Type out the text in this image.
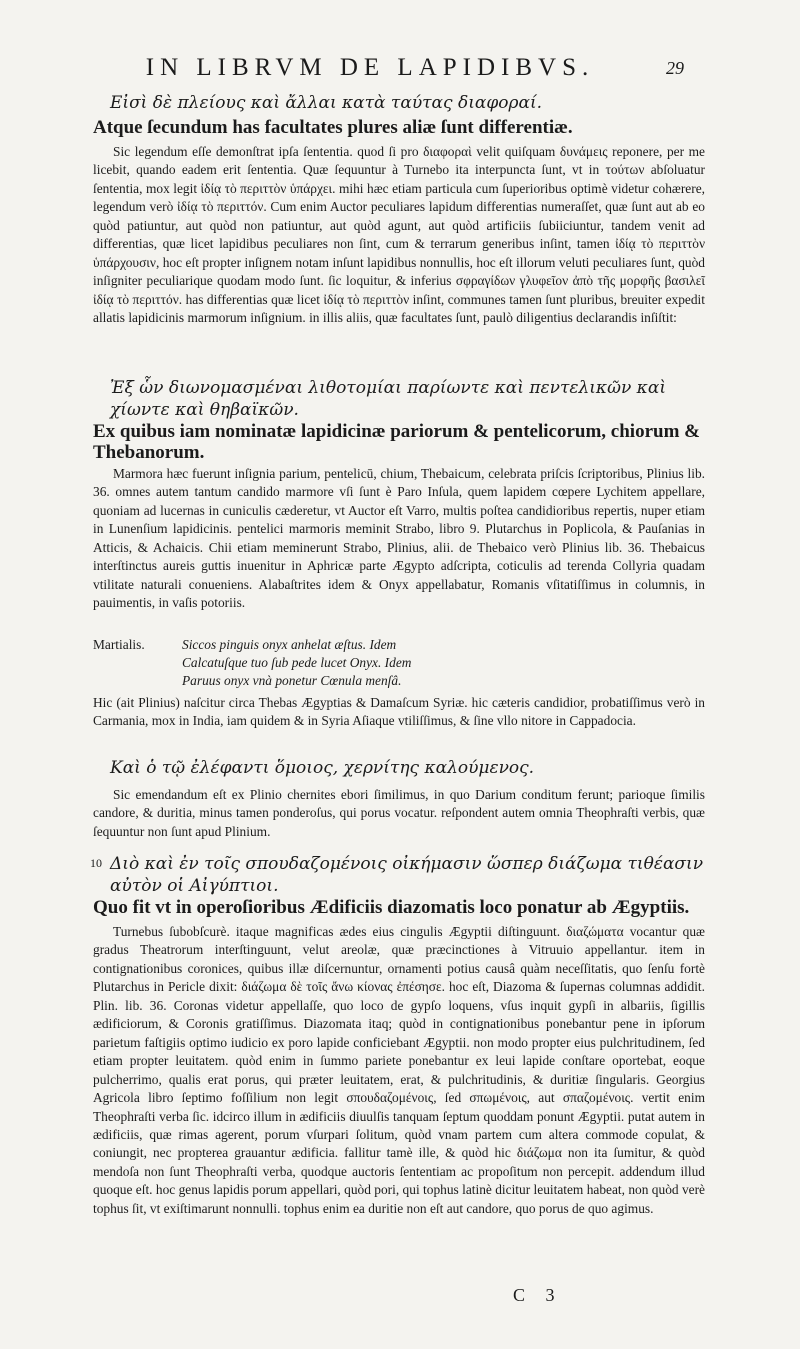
IN LIBRVM DE LAPIDIBVS.	29
Εἰσὶ δὲ πλείους καὶ ἄλλαι κατὰ ταύτας διαφοραί.
Atque ſecundum has facultates plures aliæ ſunt differentiæ.

Sic legendum eſſe demonſtrat ipſa ſententia. quod ſi pro διαφοραὶ velit quiſquam δυνάμεις reponere, per me licebit, quando eadem erit ſententia. Quæ ſequuntur à Turnebo ita interpuncta ſunt, vt in τούτων abſoluatur ſententia, mox legit ἰδίᾳ τὸ περιττὸν ὑπάρχει. mihi hæc etiam particula cum ſuperioribus optimè videtur cohærere, legendum verò ἰδίᾳ τὸ περιττόν. Cum enim Auctor peculiares lapidum differentias numeraſſet, quæ ſunt aut ab eo quòd patiuntur, aut quòd non patiuntur, aut quòd agunt, aut quòd artificiis ſubiiciuntur, tandem venit ad differentias, quæ licet lapidibus peculiares non ſint, cum & terrarum generibus inſint, tamen ἰδίᾳ τὸ περιττὸν ὑπάρχουσιν, hoc eſt propter inſignem notam inſunt lapidibus nonnullis, hoc eſt illorum veluti peculiares ſunt, quòd inſigniter peculiarique quodam modo ſunt. ſic loquitur, & inferius σφραγίδων γλυφεῖον ἀπὸ τῆς μορφῆς βασιλεῖ ἰδίᾳ τὸ περιττόν. has differentias quæ licet ἰδίᾳ τὸ περιττὸν inſint, communes tamen ſunt pluribus, breuiter expedit allatis lapidicinis marmorum inſignium. in illis aliis, quæ facultates ſunt, paulò diligentius declarandis inſiſtit:

Ἐξ ὧν διωνομασμέναι λιθοτομίαι παρίωντε καὶ πεντελικῶν καὶ χίωντε καὶ θηβαϊκῶν.
Ex quibus iam nominatæ lapidicinæ pariorum & pentelicorum, chiorum & Thebanorum.

Marmora hæc fuerunt inſignia parium, pentelicū, chium, Thebaicum, celebrata priſcis ſcriptoribus, Plinius lib. 36. omnes autem tantum candido marmore vſi ſunt è Paro Inſula, quem lapidem cœpere Lychitem appellare, quoniam ad lucernas in cuniculis cæderetur, vt Auctor eſt Varro, multis poſtea candidioribus repertis, nuper etiam in Lunenſium lapidicinis. pentelici marmoris meminit Strabo, libro 9. Plutarchus in Poplicola, & Pauſanias in Atticis, & Achaicis. Chii etiam meminerunt Strabo, Plinius, alii. de Thebaico verò Plinius lib. 36. Thebaicus interſtinctus aureis guttis inuenitur in Aphricæ parte Ægypto adſcripta, coticulis ad terenda Collyria quadam vtilitate naturali conueniens. Alabaſtrites idem & Onyx appellabatur, Romanis vſitatiſſimus in columnis, in pauimentis, in vaſis potoriis.

Martialis.	Siccos pinguis onyx anhelat æſtus. Idem
Calcatuſque tuo ſub pede lucet Onyx. Idem
Paruus onyx vnà ponetur Cœnula menſâ.

Hic (ait Plinius) naſcitur circa Thebas Ægyptias & Damaſcum Syriæ. hic cæteris candidior, probatiſſimus verò in Carmania, mox in India, iam quidem & in Syria Aſiaque vtiliſſimus, & ſine vllo nitore in Cappadocia.

Καὶ ὁ τῷ ἐλέφαντι ὅμοιος, χερνίτης καλούμενος.

Sic emendandum eſt ex Plinio chernites ebori ſimilimus, in quo Darium conditum ferunt; parioque ſimilis candore, & duritia, minus tamen ponderoſus, qui porus vocatur. reſpondent autem omnia Theophraſti verbis, quæ ſequuntur non ſunt apud Plinium.

10 Διὸ καὶ ἐν τοῖς σπουδαζομένοις οἰκήμασιν ὥσπερ διάζωμα τιθέασιν αὐτὸν οἱ Αἰγύπτιοι.
Quo fit vt in operoſioribus Ædificiis diazomatis loco ponatur ab Ægyptiis.

Turnebus ſubobſcurè. itaque magnificas ædes eius cingulis Ægyptii diſtinguunt. διαζώματα vocantur quæ gradus Theatrorum interſtinguunt, velut areolæ, quæ præcinctiones à Vitruuio appellantur. item in contignationibus coronices, quibus illæ diſcernuntur, ornamenti potius causâ quàm neceſſitatis, quo ſenſu fortè Plutarchus in Pericle dixit: διάζωμα δὲ τοῖς ἄνω κίονας ἐπέσησε. hoc eſt, Diazoma & ſupernas columnas addidit. Plin. lib. 36. Coronas videtur appellaſſe, quo loco de gypſo loquens, vſus inquit gypſi in albariis, ſigillis ædificiorum, & Coronis gratiſſimus. Diazomata itaq; quòd in contignationibus ponebantur pene in ipſorum parietum faſtigiis optimo iudicio ex poro lapide conficiebant Ægyptii. non modo propter eius pulchritudinem, ſed etiam propter leuitatem. quòd enim in ſummo pariete ponebantur ex leui lapide conſtare oportebat, eoque pulcherrimo, qualis erat porus, qui præter leuitatem, erat, & pulchritudinis, & duritiæ ſingularis. Georgius Agricola libro ſeptimo foſſilium non legit σπουδαζομένοις, ſed σπωμένοις, aut σπαζομένοις. vertit enim Theophraſti verba ſic. idcirco illum in ædificiis diuulſis tanquam ſeptum quoddam ponunt Ægyptii. putat autem in ædificiis, quæ rimas agerent, porum vſurpari ſolitum, quòd vnam partem cum altera commode copulat, & coniungit, nec propterea grauantur ædificia. fallitur tamè ille, & quòd hic διάζωμα non ita ſumitur, & quòd mendoſa non ſunt Theophraſti verba, quodque auctoris ſententiam ac propoſitum non percepit. addendum illud quoque eſt. hoc genus lapidis porum appellari, quòd pori, qui tophus latinè dicitur leuitatem habeat, non quòd verè tophus ſit, vt exiſtimarunt nonnulli. tophus enim ea duritie non eſt aut candore, quo porus de quo agimus.

C 3
